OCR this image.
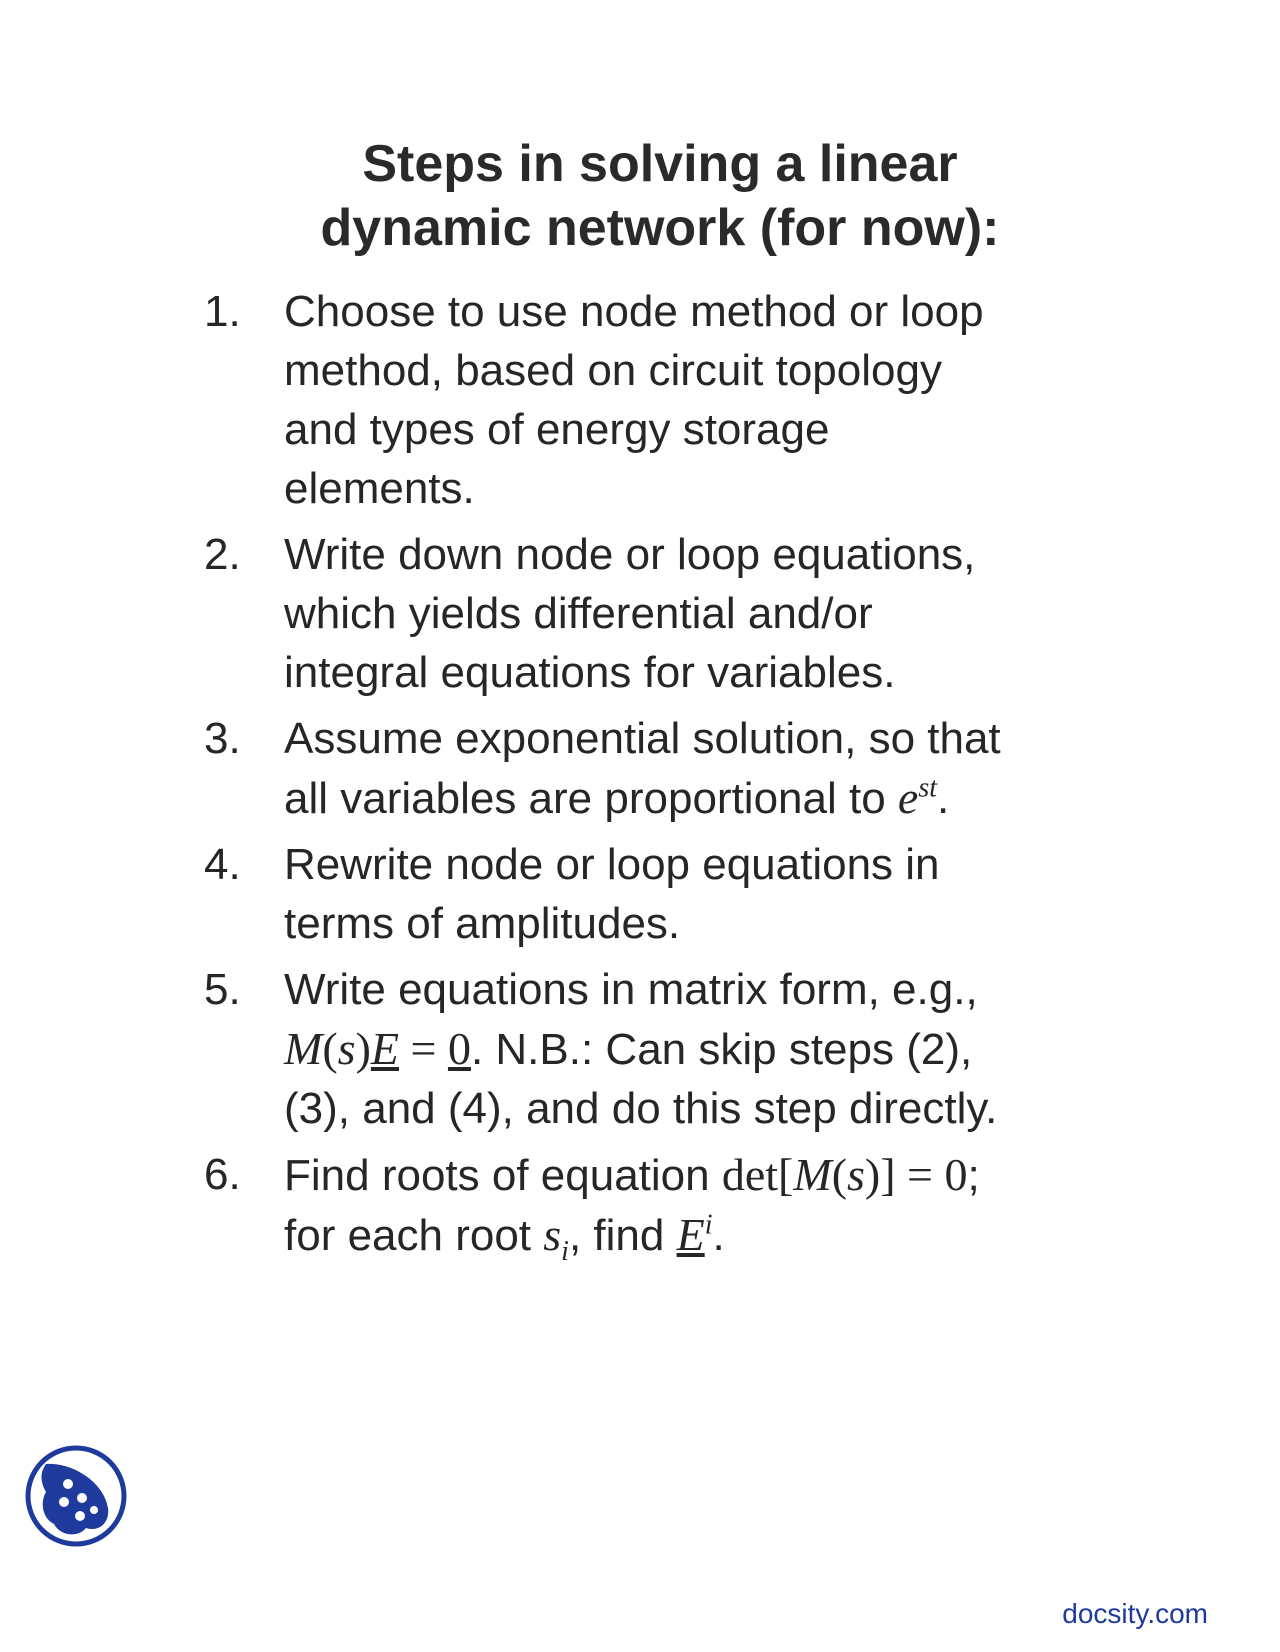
Steps in solving a linear
dynamic network (for now):
1. Choose to use node method or loop
method, based on circuit topology
and types of energy storage
elements.
2. Write down node or loop equations,
which yields differential and/or
integral equations for variables.
3. Assume exponential solution, so that
all variables are proportional to $e^{st}$.
4. Rewrite node or loop equations in
terms of amplitudes.
5. Write equations in matrix form, e.g.,
M(s)E = 0. N.B.: Can skip steps (2),
(3), and (4), and do this step directly.
6. Find roots of equation det[M(s)] = 0;
for each root $s_i$, find $E^i$.
docsity.com
